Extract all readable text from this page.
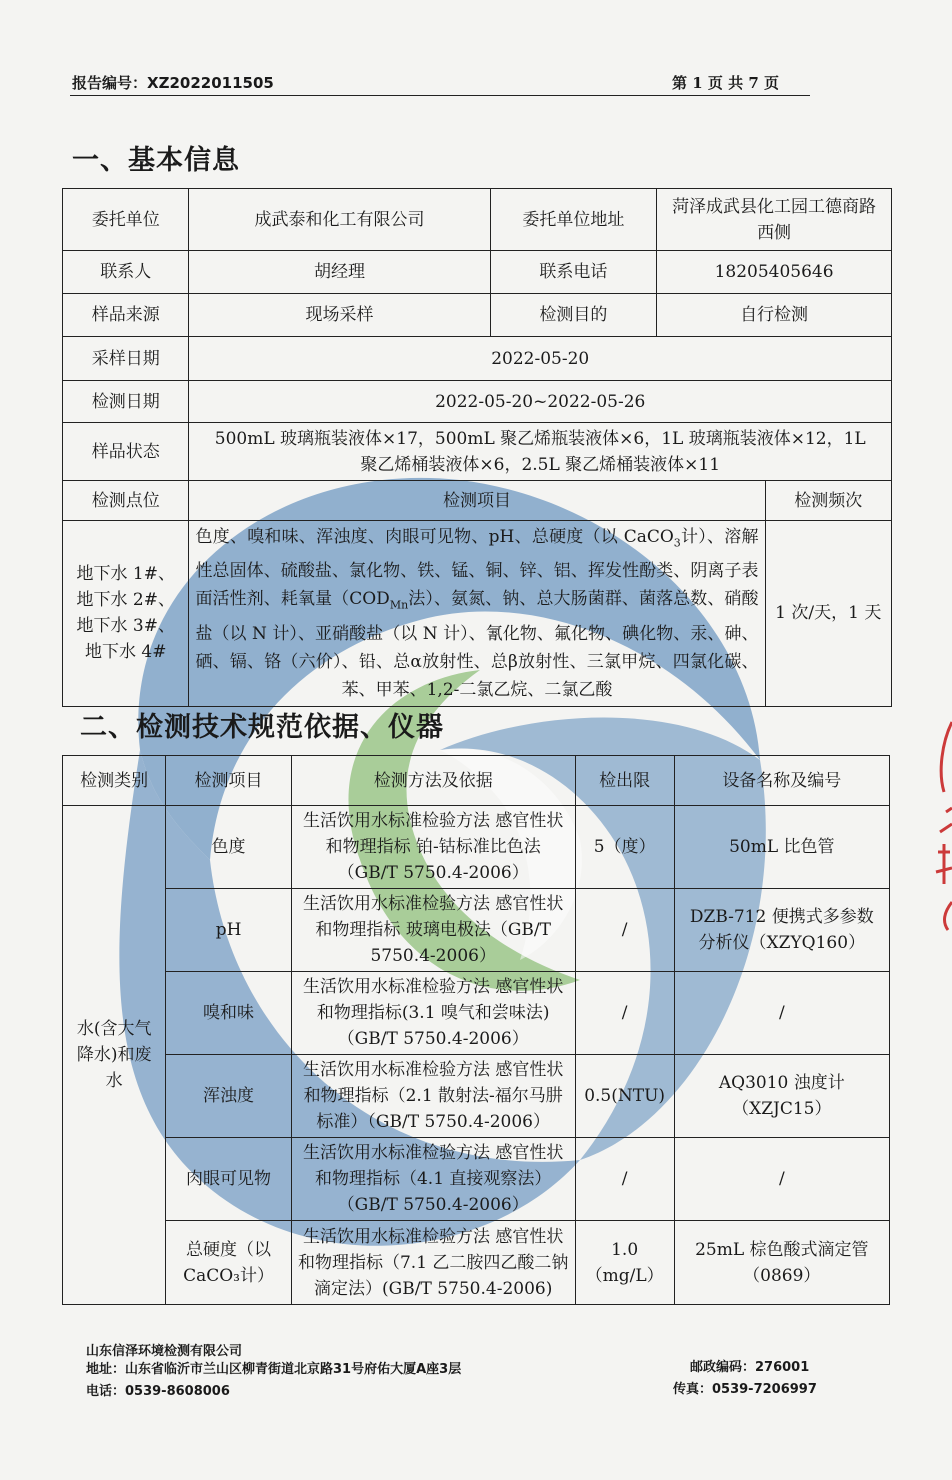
报告编号：XZ2022011505	第 1 页 共 7 页
一、基本信息
委托单位	成武泰和化工有限公司	委托单位地址	菏泽成武县化工园工德商路西侧	
联系人	胡经理	联系电话	18205405646	
样品来源	现场采样	检测目的	自行检测	
采样日期	2022-05-20			
检测日期	2022-05-20~2022-05-26			
样品状态	500mL 玻璃瓶装液体×17，500mL 聚乙烯瓶装液体×6，1L 玻璃瓶装液体×12，1L 聚乙烯桶装液体×6，2.5L 聚乙烯桶装液体×11			
检测点位	检测项目			检测频次
地下水 1#、
地下水 2#、
地下水 3#、
地下水 4#	色度、嗅和味、浑浊度、肉眼可见物、pH、总硬度（以 CaCO$_3$计）、溶解性总固体、硫酸盐、氯化物、铁、锰、铜、锌、铝、挥发性酚类、阴离子表面活性剂、耗氧量（$COD_{Mn}$法）、氨氮、钠、总大肠菌群、菌落总数、硝酸盐（以 N 计）、亚硝酸盐（以 N 计）、氰化物、氟化物、碘化物、汞、砷、硒、镉、铬（六价）、铅、总α放射性、总β放射性、三氯甲烷、四氯化碳、苯、甲苯、1,2-二氯乙烷、二氯乙酸			1 次/天，1 天
二、检测技术规范依据、仪器
检测类别	检测项目	检测方法及依据	检出限	设备名称及编号
水(含大气降水)和废水	色度	生活饮用水标准检验方法 感官性状和物理指标 铂-钴标准比色法（GB/T 5750.4-2006）	5（度）	50mL 比色管
	pH	生活饮用水标准检验方法 感官性状和物理指标 玻璃电极法（GB/T 5750.4-2006）	/	DZB-712 便携式多参数分析仪（XZYQ160）
	嗅和味	生活饮用水标准检验方法 感官性状和物理指标(3.1 嗅气和尝味法)（GB/T 5750.4-2006）	/	/
	浑浊度	生活饮用水标准检验方法 感官性状和物理指标（2.1 散射法-福尔马肼标准）（GB/T 5750.4-2006）	0.5(NTU)	AQ3010 浊度计（XZJC15）
	肉眼可见物	生活饮用水标准检验方法 感官性状和物理指标（4.1 直接观察法）（GB/T 5750.4-2006）	/	/
	总硬度（以 CaCO₃计）	生活饮用水标准检验方法 感官性状和物理指标（7.1 乙二胺四乙酸二钠滴定法）(GB/T 5750.4-2006)	1.0（mg/L）	25mL 棕色酸式滴定管（0869）
山东信泽环境检测有限公司
地址：山东省临沂市兰山区柳青街道北京路31号府佑大厦A座3层
电话：0539-8608006
邮政编码：276001
传真：0539-7206997
